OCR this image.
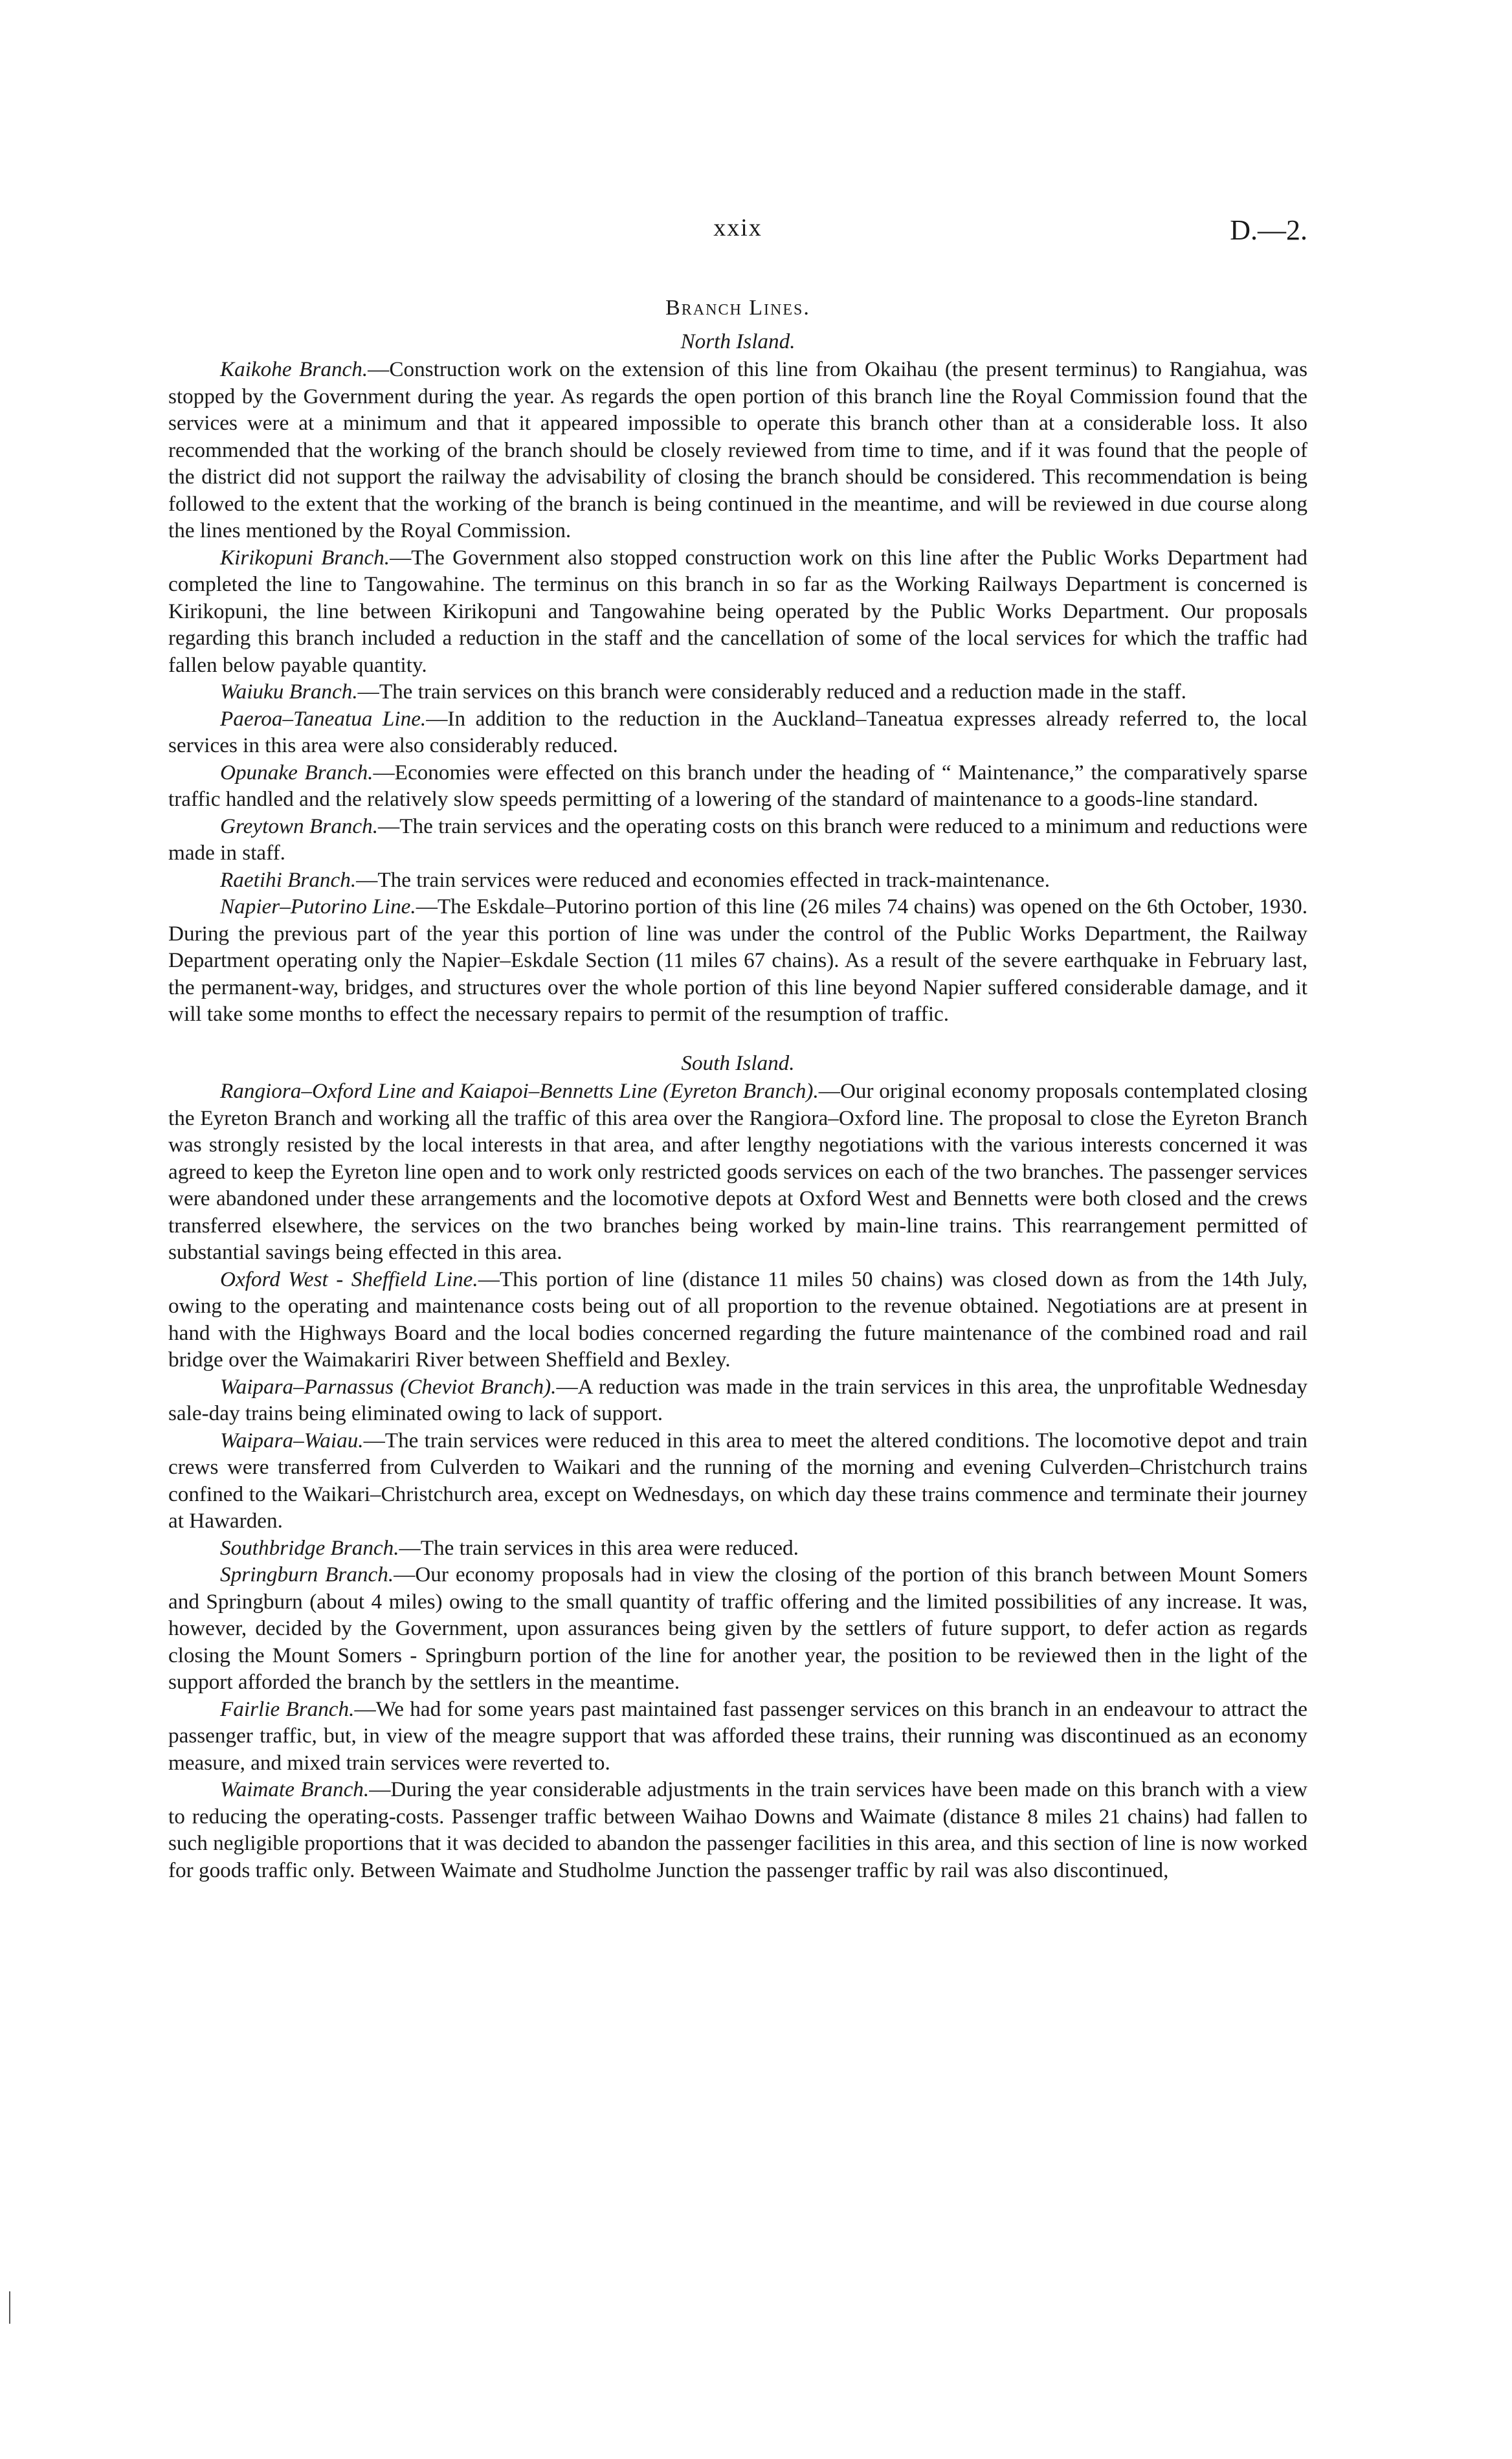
xxix	D.—2.
Branch Lines.
North Island.

Kaikohe Branch.—Construction work on the extension of this line from Okaihau (the present terminus) to Rangiahua, was stopped by the Government during the year. As regards the open portion of this branch line the Royal Commission found that the services were at a minimum and that it appeared impossible to operate this branch other than at a considerable loss. It also recommended that the working of the branch should be closely reviewed from time to time, and if it was found that the people of the district did not support the railway the advisability of closing the branch should be considered. This recommendation is being followed to the extent that the working of the branch is being continued in the meantime, and will be reviewed in due course along the lines mentioned by the Royal Commission.

Kirikopuni Branch.—The Government also stopped construction work on this line after the Public Works Department had completed the line to Tangowahine. The terminus on this branch in so far as the Working Railways Department is concerned is Kirikopuni, the line between Kirikopuni and Tangowahine being operated by the Public Works Department. Our proposals regarding this branch included a reduction in the staff and the cancellation of some of the local services for which the traffic had fallen below payable quantity.

Waiuku Branch.—The train services on this branch were considerably reduced and a reduction made in the staff.

Paeroa–Taneatua Line.—In addition to the reduction in the Auckland–Taneatua expresses already referred to, the local services in this area were also considerably reduced.

Opunake Branch.—Economies were effected on this branch under the heading of “ Maintenance,” the comparatively sparse traffic handled and the relatively slow speeds permitting of a lowering of the standard of maintenance to a goods-line standard.

Greytown Branch.—The train services and the operating costs on this branch were reduced to a minimum and reductions were made in staff.

Raetihi Branch.—The train services were reduced and economies effected in track-maintenance.

Napier–Putorino Line.—The Eskdale–Putorino portion of this line (26 miles 74 chains) was opened on the 6th October, 1930. During the previous part of the year this portion of line was under the control of the Public Works Department, the Railway Department operating only the Napier–Eskdale Section (11 miles 67 chains). As a result of the severe earthquake in February last, the permanent-way, bridges, and structures over the whole portion of this line beyond Napier suffered considerable damage, and it will take some months to effect the necessary repairs to permit of the resumption of traffic.

South Island.

Rangiora–Oxford Line and Kaiapoi–Bennetts Line (Eyreton Branch).—Our original economy proposals contemplated closing the Eyreton Branch and working all the traffic of this area over the Rangiora–Oxford line. The proposal to close the Eyreton Branch was strongly resisted by the local interests in that area, and after lengthy negotiations with the various interests concerned it was agreed to keep the Eyreton line open and to work only restricted goods services on each of the two branches. The passenger services were abandoned under these arrangements and the locomotive depots at Oxford West and Bennetts were both closed and the crews transferred elsewhere, the services on the two branches being worked by main-line trains. This rearrangement permitted of substantial savings being effected in this area.

Oxford West - Sheffield Line.—This portion of line (distance 11 miles 50 chains) was closed down as from the 14th July, owing to the operating and maintenance costs being out of all proportion to the revenue obtained. Negotiations are at present in hand with the Highways Board and the local bodies concerned regarding the future maintenance of the combined road and rail bridge over the Waimakariri River between Sheffield and Bexley.

Waipara–Parnassus (Cheviot Branch).—A reduction was made in the train services in this area, the unprofitable Wednesday sale-day trains being eliminated owing to lack of support.

Waipara–Waiau.—The train services were reduced in this area to meet the altered conditions. The locomotive depot and train crews were transferred from Culverden to Waikari and the running of the morning and evening Culverden–Christchurch trains confined to the Waikari–Christchurch area, except on Wednesdays, on which day these trains commence and terminate their journey at Hawarden.

Southbridge Branch.—The train services in this area were reduced.

Springburn Branch.—Our economy proposals had in view the closing of the portion of this branch between Mount Somers and Springburn (about 4 miles) owing to the small quantity of traffic offering and the limited possibilities of any increase. It was, however, decided by the Government, upon assurances being given by the settlers of future support, to defer action as regards closing the Mount Somers - Springburn portion of the line for another year, the position to be reviewed then in the light of the support afforded the branch by the settlers in the meantime.

Fairlie Branch.—We had for some years past maintained fast passenger services on this branch in an endeavour to attract the passenger traffic, but, in view of the meagre support that was afforded these trains, their running was discontinued as an economy measure, and mixed train services were reverted to.

Waimate Branch.—During the year considerable adjustments in the train services have been made on this branch with a view to reducing the operating-costs. Passenger traffic between Waihao Downs and Waimate (distance 8 miles 21 chains) had fallen to such negligible proportions that it was decided to abandon the passenger facilities in this area, and this section of line is now worked for goods traffic only. Between Waimate and Studholme Junction the passenger traffic by rail was also discontinued,
